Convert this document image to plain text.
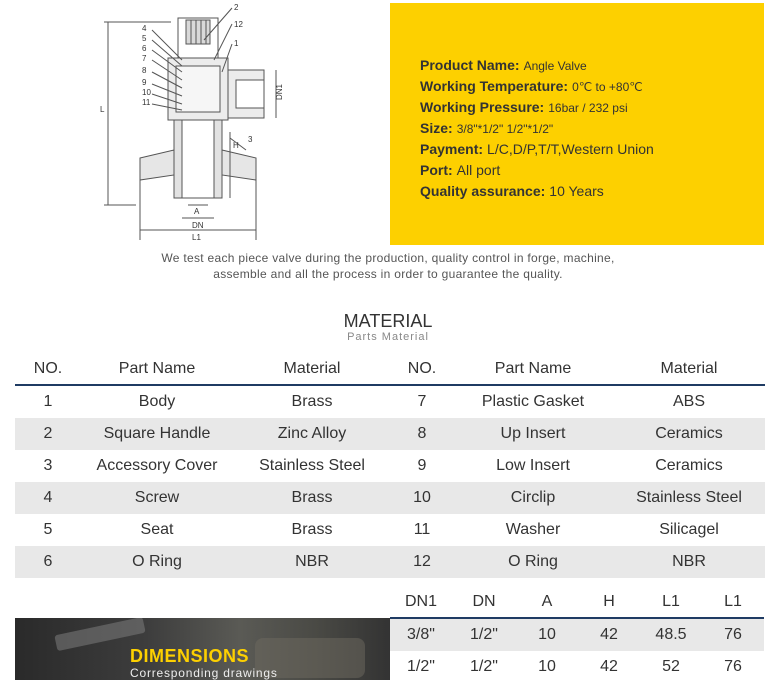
2
12
4
5
6
7
8
1
9
10
11
3
L
DN1
H
A
DN
L1
Product Name: Angle Valve
Working Temperature: 0℃ to +80℃
Working Pressure: 16bar / 232 psi
Size: 3/8"*1/2" 1/2"*1/2"
Payment: L/C,D/P,T/T,Western Union
Port: All port
Quality assurance: 10 Years
We test each piece valve during the production, quality control in forge, machine,
assemble and all the process in order to guarantee the quality.
MATERIAL
Parts Material
NO.	Part Name	Material	NO.	Part Name	Material
1	Body	Brass	7	Plastic Gasket	ABS
2	Square Handle	Zinc Alloy	8	Up Insert	Ceramics
3	Accessory Cover	Stainless Steel	9	Low Insert	Ceramics
4	Screw	Brass	10	Circlip	Stainless Steel
5	Seat	Brass	11	Washer	Silicagel
6	O Ring	NBR	12	O Ring	NBR
DN1	DN	A	H	L1	L1
3/8"	1/2"	10	42	48.5	76
1/2"	1/2"	10	42	52	76
DIMENSIONS
Corresponding drawings
